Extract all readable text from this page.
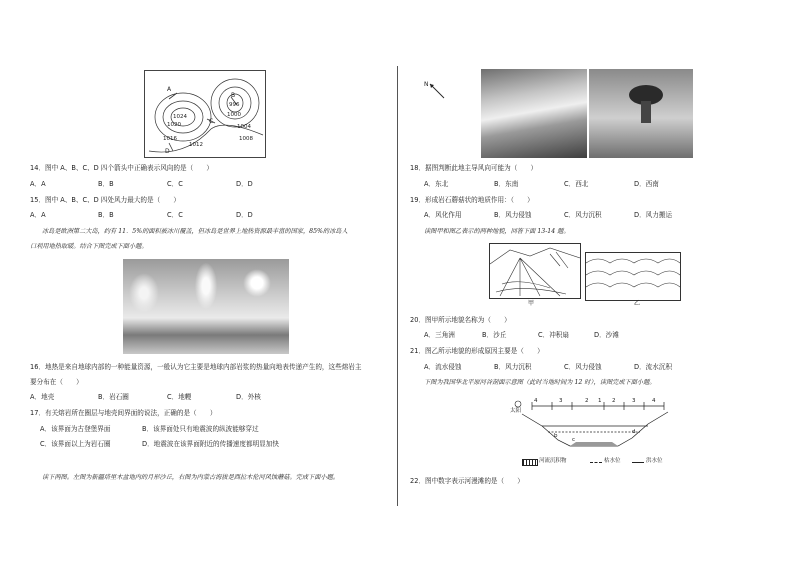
A
B
C
D
1024
1020
1016
1012
1000
1004
1008
996
14．图中 A、B、C、D 四个箭头中正确表示风向的是（　　）
A．A	B．B	C．C	D．D
15．图中 A、B、C、D 四处风力最大的是（　　）
A．A	B．B	C．C	D．D
冰岛是欧洲第二大岛，约有 11．5%的面积被冰川覆盖，但冰岛是世界上地热资源最丰富的国家，85%的冰岛人
口利用地热取暖。结合下图完成下面小题。
16．地热是来自地球内部的一种能量资源，一般认为它主要是地球内部岩浆的热量向地表传递产生的，这些熔岩主
要分布在（　　）
A．地壳	B．岩石圈	C．地幔	D．外核
17．有关熔岩所在圈层与地壳间界面的说法，正确的是（　　）
A．该界面为古登堡界面	B．该界面处只有地震波的纵波能够穿过
C．该界面以上为岩石圈	D．地震波在该界面附近的传播速度都明显加快
读下两图。左图为新疆塔里木盆地内的月形沙丘，右图为内蒙古海拔是西拉木伦河风蚀蘑菇。完成下面小题。
N
18．据图判断此地主导风向可能为（　　）
A．东北	B．东南	C．西北	D．西南
19．形成岩石蘑菇状的地质作用：（　　）
A．风化作用	B．风力侵蚀	C．风力沉积	D．风力搬运
读图甲和图乙表示的两种地貌，回答下面 13-14 题。
甲	乙
20．图甲所示地貌名称为（　　）
A．三角洲	B．沙丘	C．冲积扇	D．沙滩
21．图乙所示地貌的形成原因主要是（　　）
A．流水侵蚀	B．风力沉积	C．风力侵蚀	D．流水沉积
下图为我国华北平原河谷剖面示意图（此时当地时间为 12 时），读图完成下面小题。
太阳
4	3	2 1 2	3	4
b
c
d
河流沉积物	枯水位	洪水位
22．图中数字表示河漫滩的是（　　）
